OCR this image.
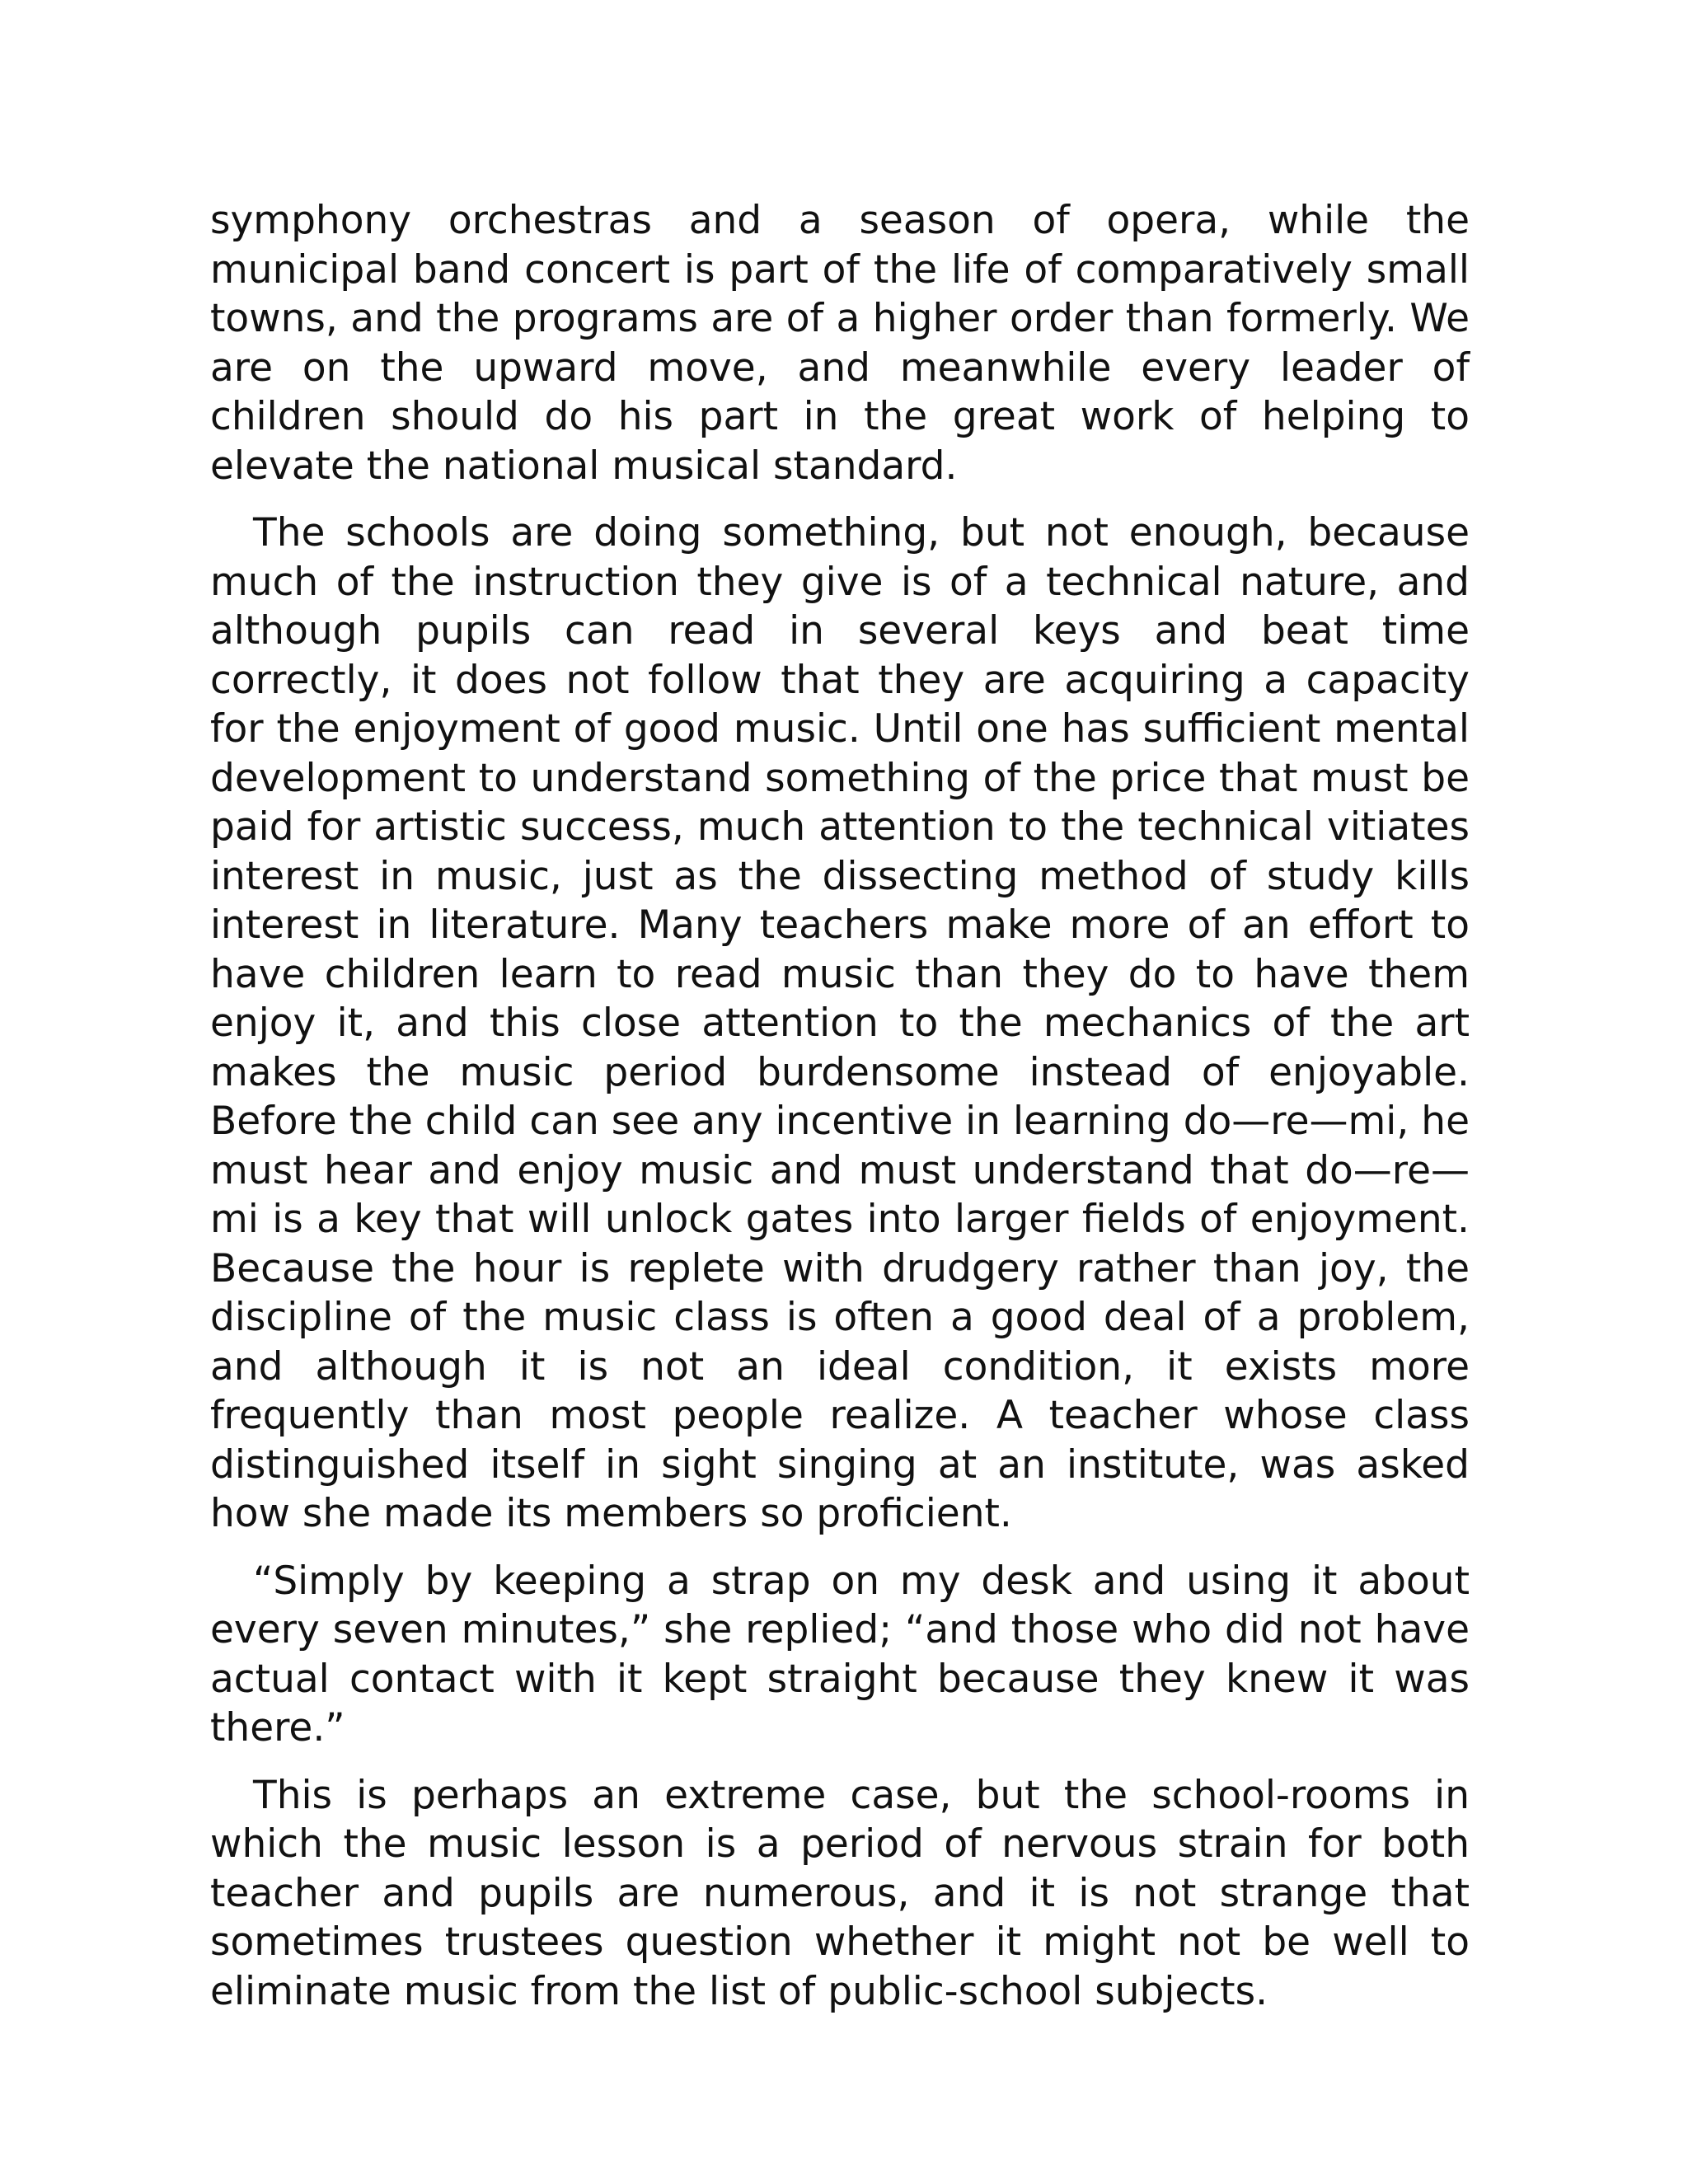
symphony orchestras and a season of opera, while the municipal band concert is part of the life of comparatively small towns, and the programs are of a higher order than formerly. We are on the upward move, and meanwhile every leader of children should do his part in the great work of helping to elevate the national musical standard.

The schools are doing something, but not enough, because much of the instruction they give is of a technical nature, and although pupils can read in several keys and beat time correctly, it does not follow that they are acquiring a capacity for the enjoyment of good music. Until one has sufficient mental development to understand something of the price that must be paid for artistic success, much attention to the technical vitiates interest in music, just as the dissecting method of study kills interest in literature. Many teachers make more of an effort to have children learn to read music than they do to have them enjoy it, and this close attention to the mechanics of the art makes the music period burdensome instead of enjoyable. Before the child can see any incentive in learning do—re—mi, he must hear and enjoy music and must understand that do—re—mi is a key that will unlock gates into larger fields of enjoyment. Because the hour is replete with drudgery rather than joy, the discipline of the music class is often a good deal of a problem, and although it is not an ideal condition, it exists more frequently than most people realize. A teacher whose class distinguished itself in sight singing at an institute, was asked how she made its members so proficient.

“Simply by keeping a strap on my desk and using it about every seven minutes,” she replied; “and those who did not have actual contact with it kept straight because they knew it was there.”

This is perhaps an extreme case, but the school-rooms in which the music lesson is a period of nervous strain for both teacher and pupils are numerous, and it is not strange that sometimes trustees question whether it might not be well to eliminate music from the list of public-school subjects.
